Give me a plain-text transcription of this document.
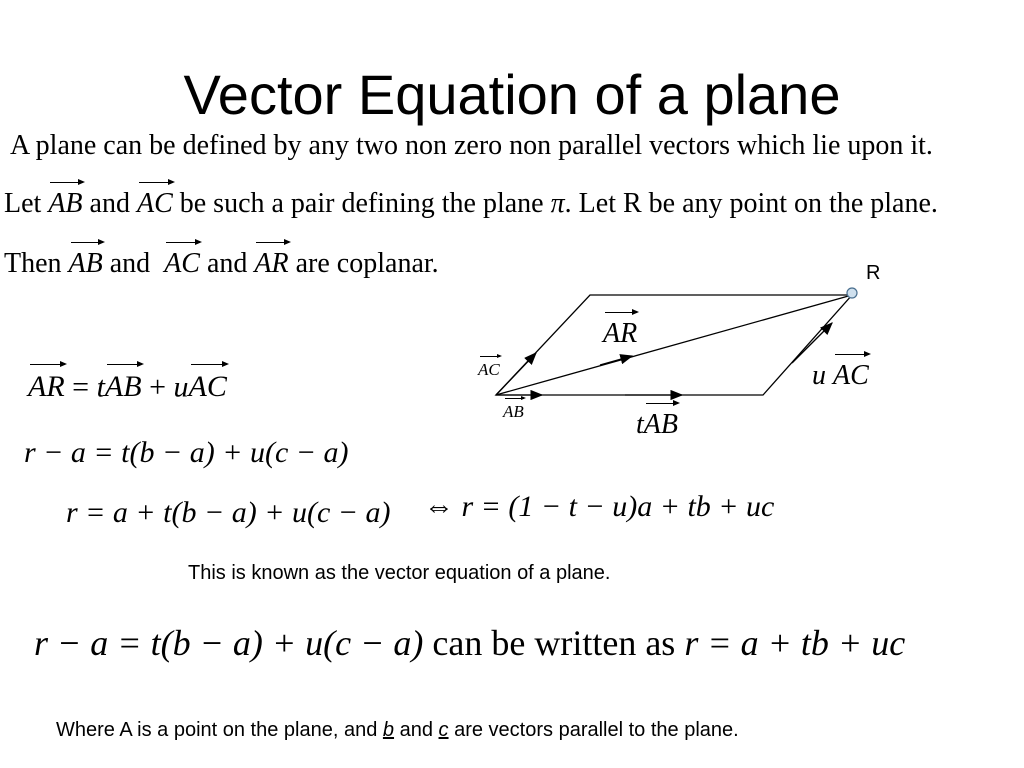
Vector Equation of a plane
A plane can be defined by any two non zero non parallel vectors which lie upon it.
Let AB and AC be such a pair defining the plane π. Let R be any point on the plane.
Then AB and AC and AR are coplanar.	R
AR
AC
AB	tAB
u AC
AR = tAB + uAC
r − a = t(b − a) + u(c − a)
r = a + t(b − a) + u(c − a) ⇔ r = (1 − t − u)a + tb + uc
This is known as the vector equation of a plane.
r − a = t(b − a) + u(c − a) can be written as r = a + tb + uc
Where A is a point on the plane, and b and c are vectors parallel to the plane.
